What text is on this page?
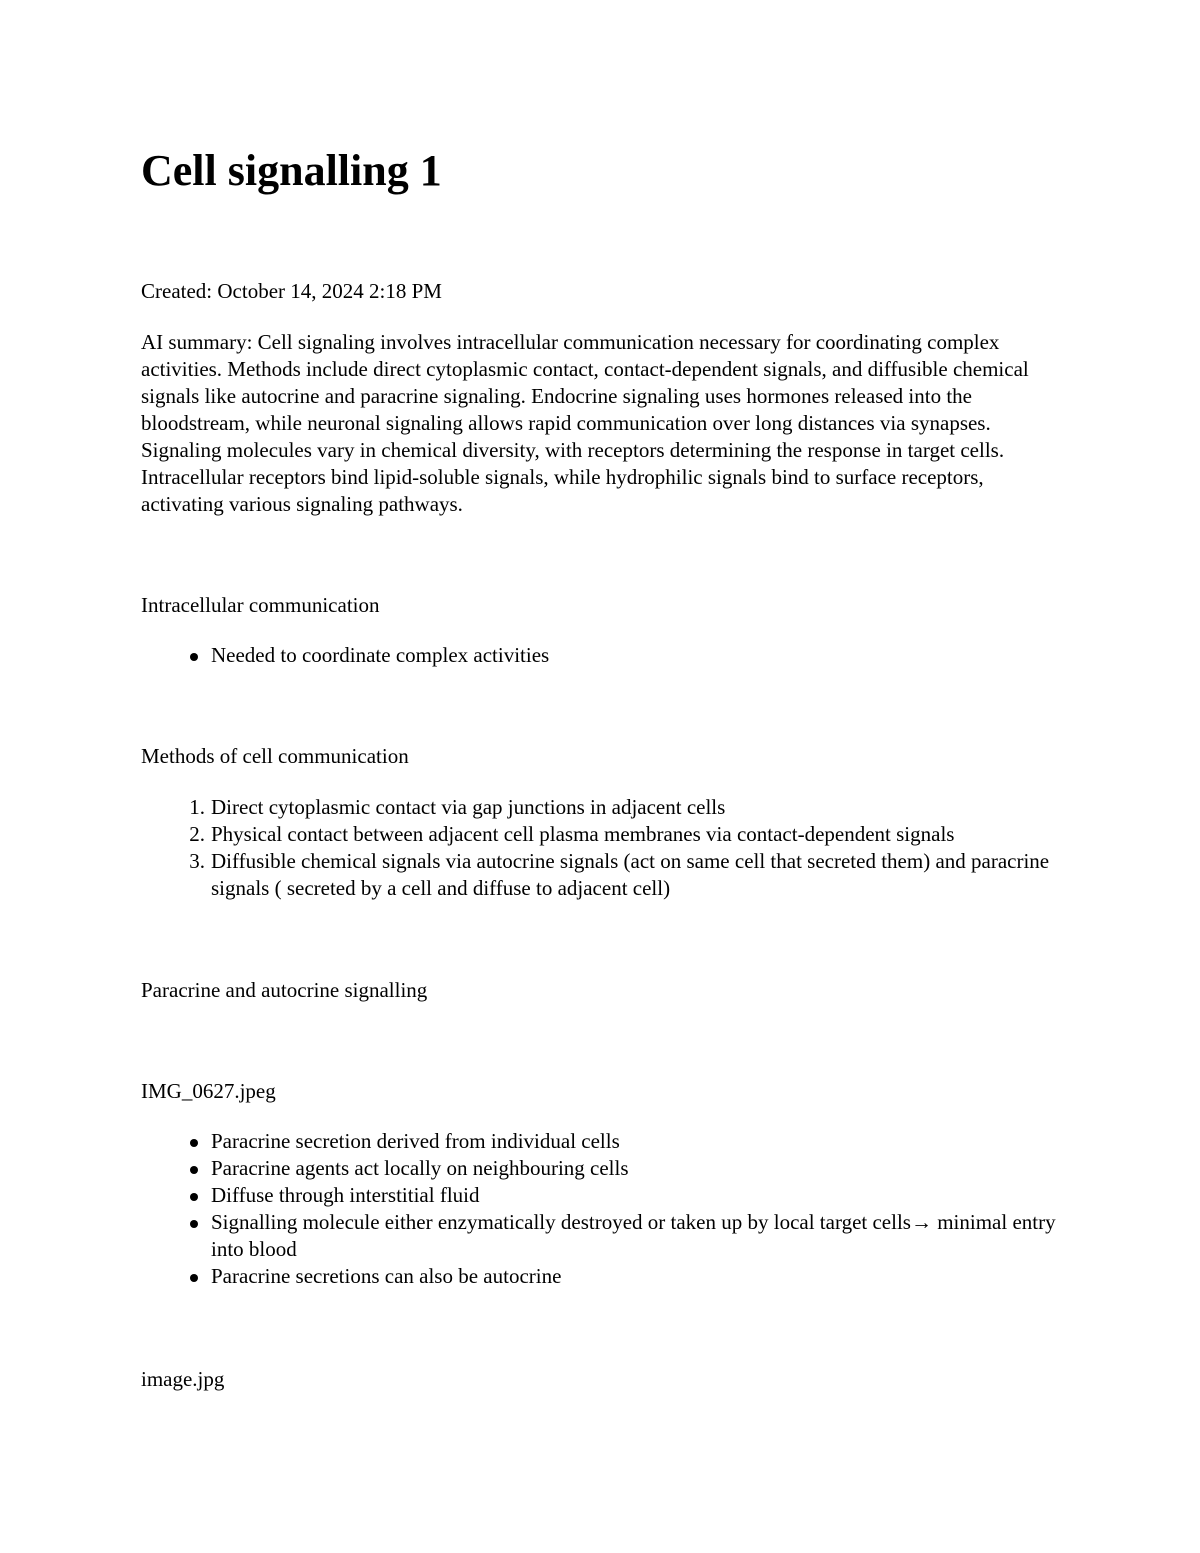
Cell signalling 1

Created: October 14, 2024 2:18 PM

AI summary: Cell signaling involves intracellular communication necessary for coordinating complex activities. Methods include direct cytoplasmic contact, contact-dependent signals, and diffusible chemical signals like autocrine and paracrine signaling. Endocrine signaling uses hormones released into the bloodstream, while neuronal signaling allows rapid communication over long distances via synapses. Signaling molecules vary in chemical diversity, with receptors determining the response in target cells. Intracellular receptors bind lipid-soluble signals, while hydrophilic signals bind to surface receptors, activating various signaling pathways.

Intracellular communication

Needed to coordinate complex activities

Methods of cell communication

1. Direct cytoplasmic contact via gap junctions in adjacent cells
2. Physical contact between adjacent cell plasma membranes via contact-dependent signals
3. Diffusible chemical signals via autocrine signals (act on same cell that secreted them) and paracrine signals ( secreted by a cell and diffuse to adjacent cell)

Paracrine and autocrine signalling

IMG_0627.jpeg

Paracrine secretion derived from individual cells
Paracrine agents act locally on neighbouring cells
Diffuse through interstitial fluid
Signalling molecule either enzymatically destroyed or taken up by local target cells→ minimal entry into blood
Paracrine secretions can also be autocrine

image.jpg
